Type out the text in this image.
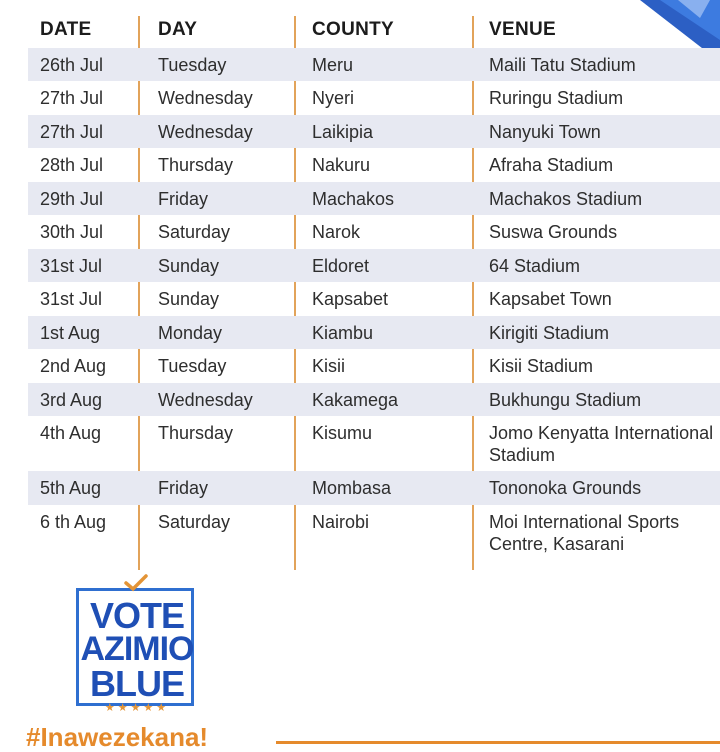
DATE	DAY	COUNTY	VENUE
26th Jul	Tuesday	Meru	Maili Tatu Stadium
27th Jul	Wednesday	Nyeri	Ruringu Stadium
27th Jul	Wednesday	Laikipia	Nanyuki Town
28th Jul	Thursday	Nakuru	Afraha Stadium
29th Jul	Friday	Machakos	Machakos Stadium
30th Jul	Saturday	Narok	Suswa Grounds
31st Jul	Sunday	Eldoret	64 Stadium
31st Jul	Sunday	Kapsabet	Kapsabet Town
1st Aug	Monday	Kiambu	Kirigiti Stadium
2nd Aug	Tuesday	Kisii	Kisii Stadium
3rd Aug	Wednesday	Kakamega	Bukhungu Stadium
4th Aug	Thursday	Kisumu	Jomo Kenyatta International Stadium
5th Aug	Friday	Mombasa	Tononoka Grounds
6 th Aug	Saturday	Nairobi	Moi International Sports Centre, Kasarani
VOTE
AZIMIO
BLUE
★★★★★
#Inawezekana!
